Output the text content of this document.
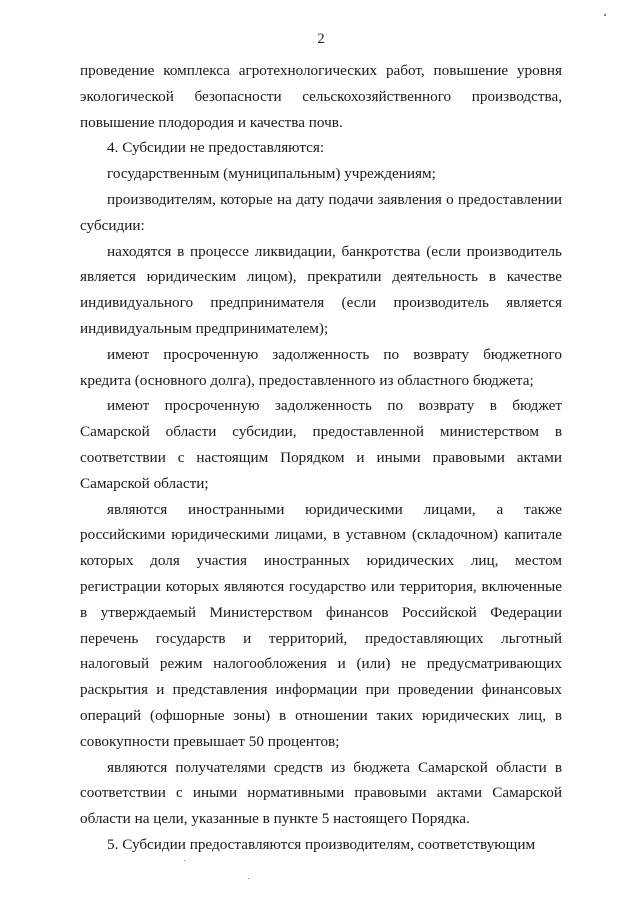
2

проведение комплекса агротехнологических работ, повышение уровня экологической безопасности сельскохозяйственного производства, повышение плодородия и качества почв.

4. Субсидии не предоставляются:

государственным (муниципальным) учреждениям;

производителям, которые на дату подачи заявления о предоставлении субсидии:

находятся в процессе ликвидации, банкротства (если производитель является юридическим лицом), прекратили деятельность в качестве индивидуального предпринимателя (если производитель является индивидуальным предпринимателем);

имеют просроченную задолженность по возврату бюджетного кредита (основного долга), предоставленного из областного бюджета;

имеют просроченную задолженность по возврату в бюджет Самарской области субсидии, предоставленной министерством в соответствии с настоящим Порядком и иными правовыми актами Самарской области;

являются иностранными юридическими лицами, а также российскими юридическими лицами, в уставном (складочном) капитале которых доля участия иностранных юридических лиц, местом регистрации которых являются государство или территория, включенные в утверждаемый Министерством финансов Российской Федерации перечень государств и территорий, предоставляющих льготный налоговый режим налогообложения и (или) не предусматривающих раскрытия и представления информации при проведении финансовых операций (офшорные зоны) в отношении таких юридических лиц, в совокупности превышает 50 процентов;

являются получателями средств из бюджета Самарской области в соответствии с иными нормативными правовыми актами Самарской области на цели, указанные в пункте 5 настоящего Порядка.

5. Субсидии предоставляются производителям, соответствующим
